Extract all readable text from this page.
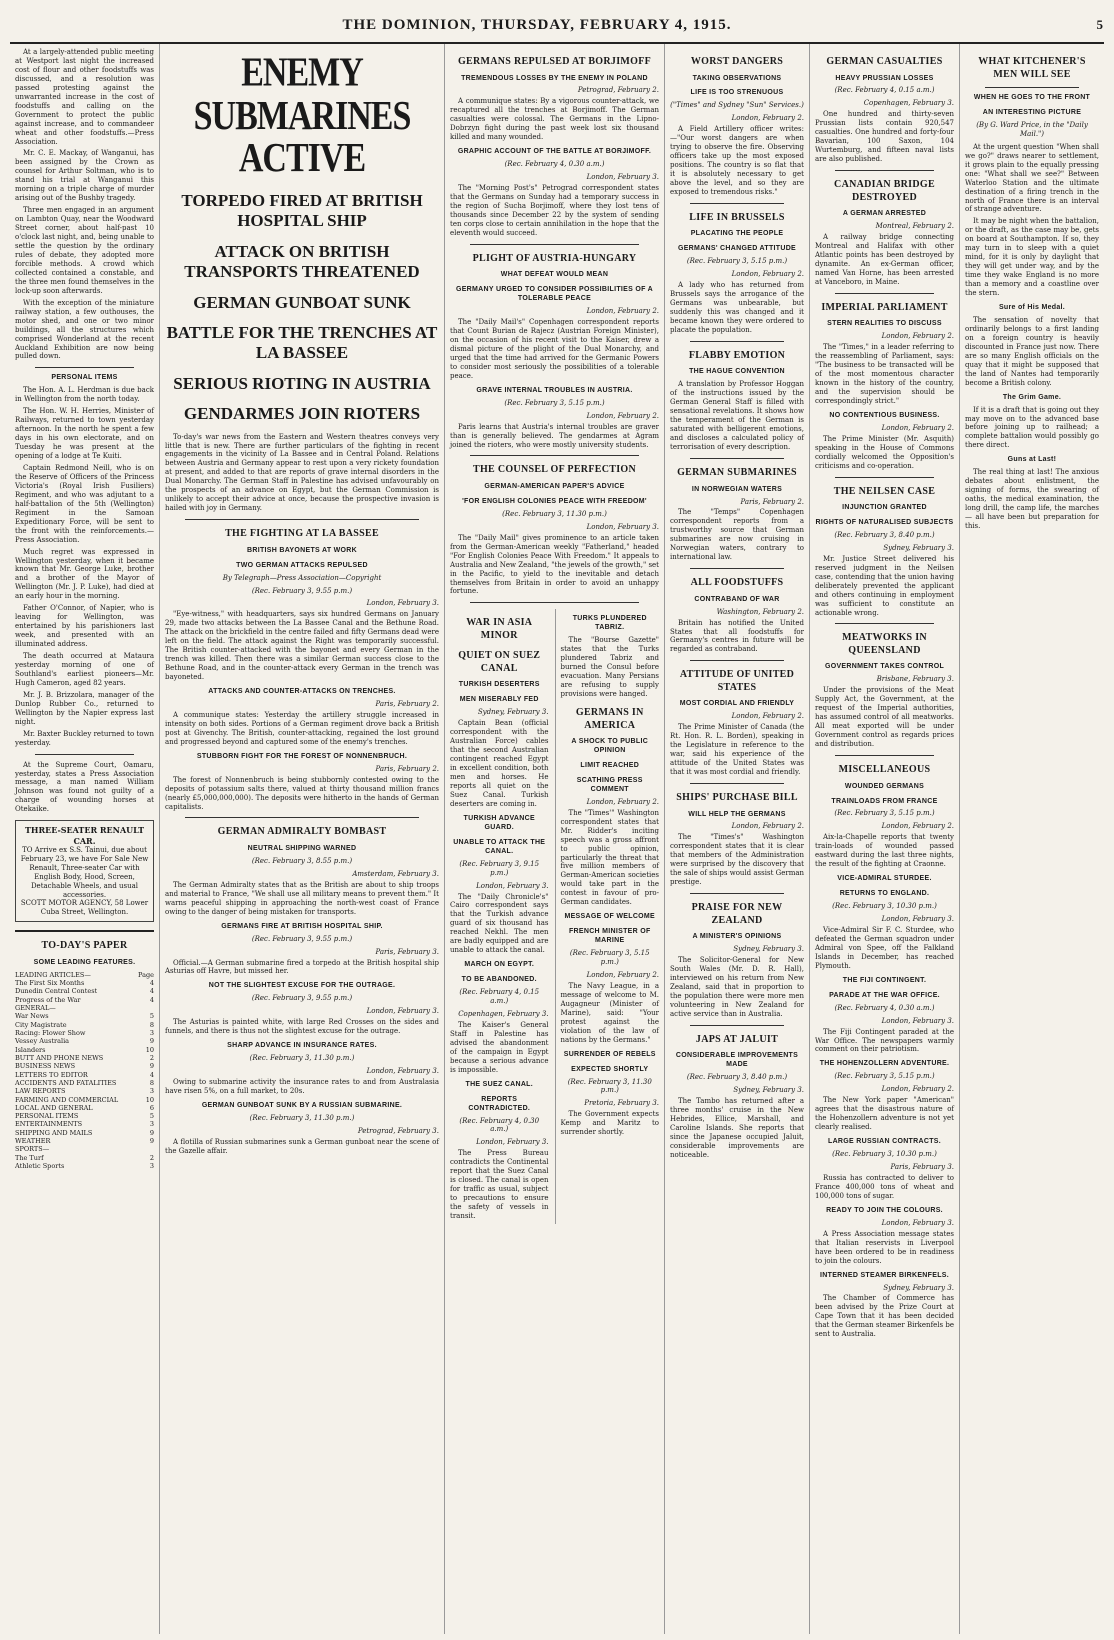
THE DOMINION, THURSDAY, FEBRUARY 4, 1915.	5

At a largely-attended public meeting at Westport last night the increased cost of flour and other foodstuffs was discussed, and a resolution was passed protesting against the unwarranted increase in the cost of foodstuffs and calling on the Government to protect the public against increase, and to commandeer wheat and other foodstuffs.—Press Association.

Mr. C. E. Mackay, of Wanganui, has been assigned by the Crown as counsel for Arthur Soltman, who is to stand his trial at Wanganui this morning on a triple charge of murder arising out of the Bushby tragedy.

Three men engaged in an argument on Lambton Quay, near the Woodward Street corner, about half-past 10 o'clock last night, and, being unable to settle the question by the ordinary rules of debate, they adopted more forcible methods. A crowd which collected contained a constable, and the three men found themselves in the lock-up soon afterwards.

With the exception of the miniature railway station, a few outhouses, the motor shed, and one or two minor buildings, all the structures which comprised Wonderland at the recent Auckland Exhibition are now being pulled down.

PERSONAL ITEMS

The Hon. A. L. Herdman is due back in Wellington from the north today.

The Hon. W. H. Herries, Minister of Railways, returned to town yesterday afternoon. In the north he spent a few days in his own electorate, and on Tuesday he was present at the opening of a lodge at Te Kuiti.

Captain Redmond Neill, who is on the Reserve of Officers of the Princess Victoria's (Royal Irish Fusiliers) Regiment, and who was adjutant to a half-battalion of the 5th (Wellington) Regiment in the Samoan Expeditionary Force, will be sent to the front with the reinforcements.—Press Association.

Much regret was expressed in Wellington yesterday, when it became known that Mr. George Luke, brother and a brother of the Mayor of Wellington (Mr. J. P. Luke), had died at an early hour in the morning.

Father O'Connor, of Napier, who is leaving for Wellington, was entertained by his parishioners last week, and presented with an illuminated address.

The death occurred at Mataura yesterday morning of one of Southland's earliest pioneers—Mr. Hugh Cameron, aged 82 years.

Mr. J. B. Brizzolara, manager of the Dunlop Rubber Co., returned to Wellington by the Napier express last night.

Mr. Baxter Buckley returned to town yesterday.

At the Supreme Court, Oamaru, yesterday, states a Press Association message, a man named William Johnson was found not guilty of a charge of wounding horses at Otekaike.

THREE-SEATER RENAULT CAR.
TO Arrive ex S.S. Tainui, due about February 23, we have For Sale New Renault, Three-seater Car with English Body, Hood, Screen, Detachable Wheels, and usual accessories.
SCOTT MOTOR AGENCY, 58 Lower Cuba Street, Wellington.
TO-DAY'S PAPER
SOME LEADING FEATURES.
LEADING ARTICLES—	Page
The First Six Months	4
Dunedin Central Contest	4
Progress of the War	4
GENERAL—
War News	5
City Magistrate	8
Racing: Flower Show	3
Vessey Australia	9
Islanders	10
BUTT AND PHONE NEWS	2
BUSINESS NEWS	9
LETTERS TO EDITOR	4
ACCIDENTS AND FATALITIES	8
LAW REPORTS	3
FARMING AND COMMERCIAL	10
LOCAL AND GENERAL	6
PERSONAL ITEMS	5
ENTERTAINMENTS	3
SHIPPING AND MAILS	9
WEATHER	9
SPORTS—
The Turf	2
Athletic Sports	3
ENEMY SUBMARINES ACTIVE
TORPEDO FIRED AT BRITISH HOSPITAL SHIP
ATTACK ON BRITISH TRANSPORTS THREATENED
GERMAN GUNBOAT SUNK
BATTLE FOR THE TRENCHES AT LA BASSEE
SERIOUS RIOTING IN AUSTRIA
GENDARMES JOIN RIOTERS

To-day's war news from the Eastern and Western theatres conveys very little that is new. There are further particulars of the fighting in recent engagements in the vicinity of La Bassee and in Central Poland. Relations between Austria and Germany appear to rest upon a very rickety foundation at present, and added to that are reports of grave internal disorders in the Dual Monarchy. The German Staff in Palestine has advised unfavourably on the prospects of an advance on Egypt, but the German Commission is unlikely to accept their advice at once, because the prospective invasion is hailed with joy in Germany.

THE FIGHTING AT LA BASSEE
BRITISH BAYONETS AT WORK
TWO GERMAN ATTACKS REPULSED
By Telegraph—Press Association—Copyright
(Rec. February 3, 9.55 p.m.)
London, February 3.

"Eye-witness," with headquarters, says six hundred Germans on January 29, made two attacks between the La Bassee Canal and the Bethune Road. The attack on the brickfield in the centre failed and fifty Germans dead were left on the field. The attack against the Right was temporarily successful. The British counter-attacked with the bayonet and every German in the trench was killed. Then there was a similar German success close to the Bethune Road, and in the counter-attack every German in the trench was bayoneted.

ATTACKS AND COUNTER-ATTACKS ON TRENCHES.
Paris, February 2.

A communique states: Yesterday the artillery struggle increased in intensity on both sides. Portions of a German regiment drove back a British post at Givenchy. The British, counter-attacking, regained the lost ground and progressed beyond and captured some of the enemy's trenches.

STUBBORN FIGHT FOR THE FOREST OF NONNENBRUCH.
Paris, February 2.

The forest of Nonnenbruch is being stubbornly contested owing to the deposits of potassium salts there, valued at thirty thousand million francs (nearly £5,000,000,000). The deposits were hitherto in the hands of German capitalists.

GERMAN ADMIRALTY BOMBAST
NEUTRAL SHIPPING WARNED
(Rec. February 3, 8.55 p.m.)
Amsterdam, February 3.

The German Admiralty states that as the British are about to ship troops and material to France, "We shall use all military means to prevent them." It warns peaceful shipping in approaching the north-west coast of France owing to the danger of being mistaken for transports.

GERMANS FIRE AT BRITISH HOSPITAL SHIP.
(Rec. February 3, 9.55 p.m.)
Paris, February 3.

Official.—A German submarine fired a torpedo at the British hospital ship Asturias off Havre, but missed her.

NOT THE SLIGHTEST EXCUSE FOR THE OUTRAGE.
(Rec. February 3, 9.55 p.m.)
London, February 3.

The Asturias is painted white, with large Red Crosses on the sides and funnels, and there is thus not the slightest excuse for the outrage.

SHARP ADVANCE IN INSURANCE RATES.
(Rec. February 3, 11.30 p.m.)
London, February 3.

Owing to submarine activity the insurance rates to and from Australasia have risen 5%, on a full market, to 20s.

GERMAN GUNBOAT SUNK BY A RUSSIAN SUBMARINE.
(Rec. February 3, 11.30 p.m.)
Petrograd, February 3.

A flotilla of Russian submarines sunk a German gunboat near the scene of the Gazelle affair.

GERMANS REPULSED AT BORJIMOFF
TREMENDOUS LOSSES BY THE ENEMY IN POLAND
Petrograd, February 2.

A communique states: By a vigorous counter-attack, we recaptured all the trenches at Borjimoff. The German casualties were colossal. The Germans in the Lipno-Dobrzyn fight during the past week lost six thousand killed and many wounded.

GRAPHIC ACCOUNT OF THE BATTLE AT BORJIMOFF.
(Rec. February 4, 0.30 a.m.)
London, February 3.

The "Morning Post's" Petrograd correspondent states that the Germans on Sunday had a temporary success in the region of Sucha Borjimoff, where they lost tens of thousands since December 22 by the system of sending ten corps close to certain annihilation in the hope that the eleventh would succeed.

PLIGHT OF AUSTRIA-HUNGARY
WHAT DEFEAT WOULD MEAN
GERMANY URGED TO CONSIDER POSSIBILITIES OF A TOLERABLE PEACE
London, February 2.

The "Daily Mail's" Copenhagen correspondent reports that Count Burian de Rajecz (Austrian Foreign Minister), on the occasion of his recent visit to the Kaiser, drew a dismal picture of the plight of the Dual Monarchy, and urged that the time had arrived for the Germanic Powers to consider most seriously the possibilities of a tolerable peace.

GRAVE INTERNAL TROUBLES IN AUSTRIA.
(Rec. February 3, 5.15 p.m.)
London, February 2.

Paris learns that Austria's internal troubles are graver than is generally believed. The gendarmes at Agram joined the rioters, who were mostly university students.

THE COUNSEL OF PERFECTION
GERMAN-AMERICAN PAPER'S ADVICE
'FOR ENGLISH COLONIES PEACE WITH FREEDOM'
(Rec. February 3, 11.30 p.m.)
London, February 3.

The "Daily Mail" gives prominence to an article taken from the German-American weekly "Fatherland," headed "For English Colonies Peace With Freedom." It appeals to Australia and New Zealand, "the jewels of the growth," set in the Pacific, to yield to the inevitable and detach themselves from Britain in order to avoid an unhappy fortune.

WAR IN ASIA MINOR
QUIET ON SUEZ CANAL
TURKISH DESERTERS
MEN MISERABLY FED
Sydney, February 3.

Captain Bean (official correspondent with the Australian Force) cables that the second Australian contingent reached Egypt in excellent condition, both men and horses. He reports all quiet on the Suez Canal. Turkish deserters are coming in.

TURKISH ADVANCE GUARD.
UNABLE TO ATTACK THE CANAL.
(Rec. February 3, 9.15 p.m.)
London, February 3.

The "Daily Chronicle's" Cairo correspondent says that the Turkish advance guard of six thousand has reached Nekhl. The men are badly equipped and are unable to attack the canal.

MARCH ON EGYPT.
TO BE ABANDONED.
(Rec. February 4, 0.15 a.m.)
Copenhagen, February 3.

The Kaiser's General Staff in Palestine has advised the abandonment of the campaign in Egypt because a serious advance is impossible.

THE SUEZ CANAL.
REPORTS CONTRADICTED.
(Rec. February 4, 0.30 a.m.)
London, February 3.

The Press Bureau contradicts the Continental report that the Suez Canal is closed. The canal is open for traffic as usual, subject to precautions to ensure the safety of vessels in transit.

TURKS PLUNDERED TABRIZ.

The "Bourse Gazette" states that the Turks plundered Tabriz and burned the Consul before evacuation. Many Persians are refusing to supply provisions were hanged.

GERMANS IN AMERICA
A SHOCK TO PUBLIC OPINION
LIMIT REACHED
SCATHING PRESS COMMENT
London, February 2.

The "Times'" Washington correspondent states that Mr. Ridder's inciting speech was a gross affront to public opinion, particularly the threat that five million members of German-American societies would take part in the contest in favour of pro-German candidates.

MESSAGE OF WELCOME
FRENCH MINISTER OF MARINE
(Rec. February 3, 5.15 p.m.)
London, February 2.

The Navy League, in a message of welcome to M. Augagneur (Minister of Marine), said: "Your protest against the violation of the law of nations by the Germans."

SURRENDER OF REBELS
EXPECTED SHORTLY
(Rec. February 3, 11.30 p.m.)
Pretoria, February 3.

The Government expects Kemp and Maritz to surrender shortly.

WORST DANGERS
TAKING OBSERVATIONS
LIFE IS TOO STRENUOUS
("Times" and Sydney "Sun" Services.)
London, February 2.

A Field Artillery officer writes:—"Our worst dangers are when trying to observe the fire. Observing officers take up the most exposed positions. The country is so flat that it is absolutely necessary to get above the level, and so they are exposed to tremendous risks."

LIFE IN BRUSSELS
PLACATING THE PEOPLE
GERMANS' CHANGED ATTITUDE
(Rec. February 3, 5.15 p.m.)
London, February 2.

A lady who has returned from Brussels says the arrogance of the Germans was unbearable, but suddenly this was changed and it became known they were ordered to placate the population.

FLABBY EMOTION
THE HAGUE CONVENTION

A translation by Professor Hoggan of the instructions issued by the German General Staff is filled with sensational revelations. It shows how the temperament of the German is saturated with belligerent emotions, and discloses a calculated policy of terrorisation of every description.

GERMAN SUBMARINES
IN NORWEGIAN WATERS
Paris, February 2.

The "Temps" Copenhagen correspondent reports from a trustworthy source that German submarines are now cruising in Norwegian waters, contrary to international law.

ALL FOODSTUFFS
CONTRABAND OF WAR
Washington, February 2.

Britain has notified the United States that all foodstuffs for Germany's centres in future will be regarded as contraband.

ATTITUDE OF UNITED STATES
MOST CORDIAL AND FRIENDLY
London, February 2.

The Prime Minister of Canada (the Rt. Hon. R. L. Borden), speaking in the Legislature in reference to the war, said his experience of the attitude of the United States was that it was most cordial and friendly.

SHIPS' PURCHASE BILL
WILL HELP THE GERMANS
London, February 2.

The "Times's" Washington correspondent states that it is clear that members of the Administration were surprised by the discovery that the sale of ships would assist German prestige.

PRAISE FOR NEW ZEALAND
A MINISTER'S OPINIONS
Sydney, February 3.

The Solicitor-General for New South Wales (Mr. D. R. Hall), interviewed on his return from New Zealand, said that in proportion to the population there were more men volunteering in New Zealand for active service than in Australia.

JAPS AT JALUIT
CONSIDERABLE IMPROVEMENTS MADE
(Rec. February 3, 8.40 p.m.)
Sydney, February 3.

The Tambo has returned after a three months' cruise in the New Hebrides, Ellice, Marshall, and Caroline Islands. She reports that since the Japanese occupied Jaluit, considerable improvements are noticeable.

GERMAN CASUALTIES
HEAVY PRUSSIAN LOSSES
(Rec. February 4, 0.15 a.m.)
Copenhagen, February 3.

One hundred and thirty-seven Prussian lists contain 920,547 casualties. One hundred and forty-four Bavarian, 100 Saxon, 104 Wurtemburg, and fifteen naval lists are also published.

CANADIAN BRIDGE DESTROYED
A GERMAN ARRESTED
Montreal, February 2.

A railway bridge connecting Montreal and Halifax with other Atlantic points has been destroyed by dynamite. An ex-German officer, named Van Horne, has been arrested at Vanceboro, in Maine.

IMPERIAL PARLIAMENT
STERN REALITIES TO DISCUSS
London, February 2.

The "Times," in a leader referring to the reassembling of Parliament, says: "The business to be transacted will be of the most momentous character known in the history of the country, and the supervision should be correspondingly strict."

NO CONTENTIOUS BUSINESS.
London, February 2.

The Prime Minister (Mr. Asquith) speaking in the House of Commons cordially welcomed the Opposition's criticisms and co-operation.

THE NEILSEN CASE
INJUNCTION GRANTED
RIGHTS OF NATURALISED SUBJECTS
(Rec. February 3, 8.40 p.m.)
Sydney, February 3.

Mr. Justice Street delivered his reserved judgment in the Neilsen case, contending that the union having deliberately prevented the applicant and others continuing in employment was sufficient to constitute an actionable wrong.

MEATWORKS IN QUEENSLAND
GOVERNMENT TAKES CONTROL
Brisbane, February 3.

Under the provisions of the Meat Supply Act, the Government, at the request of the Imperial authorities, has assumed control of all meatworks. All meat exported will be under Government control as regards prices and distribution.

MISCELLANEOUS
WOUNDED GERMANS
TRAINLOADS FROM FRANCE
(Rec. February 3, 5.15 p.m.)
London, February 2.

Aix-la-Chapelle reports that twenty train-loads of wounded passed eastward during the last three nights, the result of the fighting at Craonne.

VICE-ADMIRAL STURDEE.
RETURNS TO ENGLAND.
(Rec. February 3, 10.30 p.m.)
London, February 3.

Vice-Admiral Sir F. C. Sturdee, who defeated the German squadron under Admiral von Spee, off the Falkland Islands in December, has reached Plymouth.

THE FIJI CONTINGENT.
PARADE AT THE WAR OFFICE.
(Rec. February 4, 0.30 a.m.)
London, February 3.

The Fiji Contingent paraded at the War Office. The newspapers warmly comment on their patriotism.

THE HOHENZOLLERN ADVENTURE.
(Rec. February 3, 5.15 p.m.)
London, February 2.

The New York paper "American" agrees that the disastrous nature of the Hohenzollern adventure is not yet clearly realised.

LARGE RUSSIAN CONTRACTS.
(Rec. February 3, 10.30 p.m.)
Paris, February 3.

Russia has contracted to deliver to France 400,000 tons of wheat and 100,000 tons of sugar.

READY TO JOIN THE COLOURS.
London, February 3.

A Press Association message states that Italian reservists in Liverpool have been ordered to be in readiness to join the colours.

INTERNED STEAMER BIRKENFELS.
Sydney, February 3.

The Chamber of Commerce has been advised by the Prize Court at Cape Town that it has been decided that the German steamer Birkenfels be sent to Australia.

WHAT KITCHENER'S MEN WILL SEE
WHEN HE GOES TO THE FRONT
AN INTERESTING PICTURE
(By G. Ward Price, in the "Daily Mail.")

At the urgent question "When shall we go?" draws nearer to settlement, it grows plain to the equally pressing one: "What shall we see?" Between Waterloo Station and the ultimate destination of a firing trench in the north of France there is an interval of strange adventure.

It may be night when the battalion, or the draft, as the case may be, gets on board at Southampton. If so, they may turn in to sleep with a quiet mind, for it is only by daylight that they will get under way, and by the time they wake England is no more than a memory and a coastline over the stern.

Sure of His Medal.

The sensation of novelty that ordinarily belongs to a first landing on a foreign country is heavily discounted in France just now. There are so many English officials on the quay that it might be supposed that the land of Nantes had temporarily become a British colony.

The Grim Game.

If it is a draft that is going out they may move on to the advanced base before joining up to railhead; a complete battalion would possibly go there direct.

Guns at Last!

The real thing at last! The anxious debates about enlistment, the signing of forms, the swearing of oaths, the medical examination, the long drill, the camp life, the marches — all have been but preparation for this.
